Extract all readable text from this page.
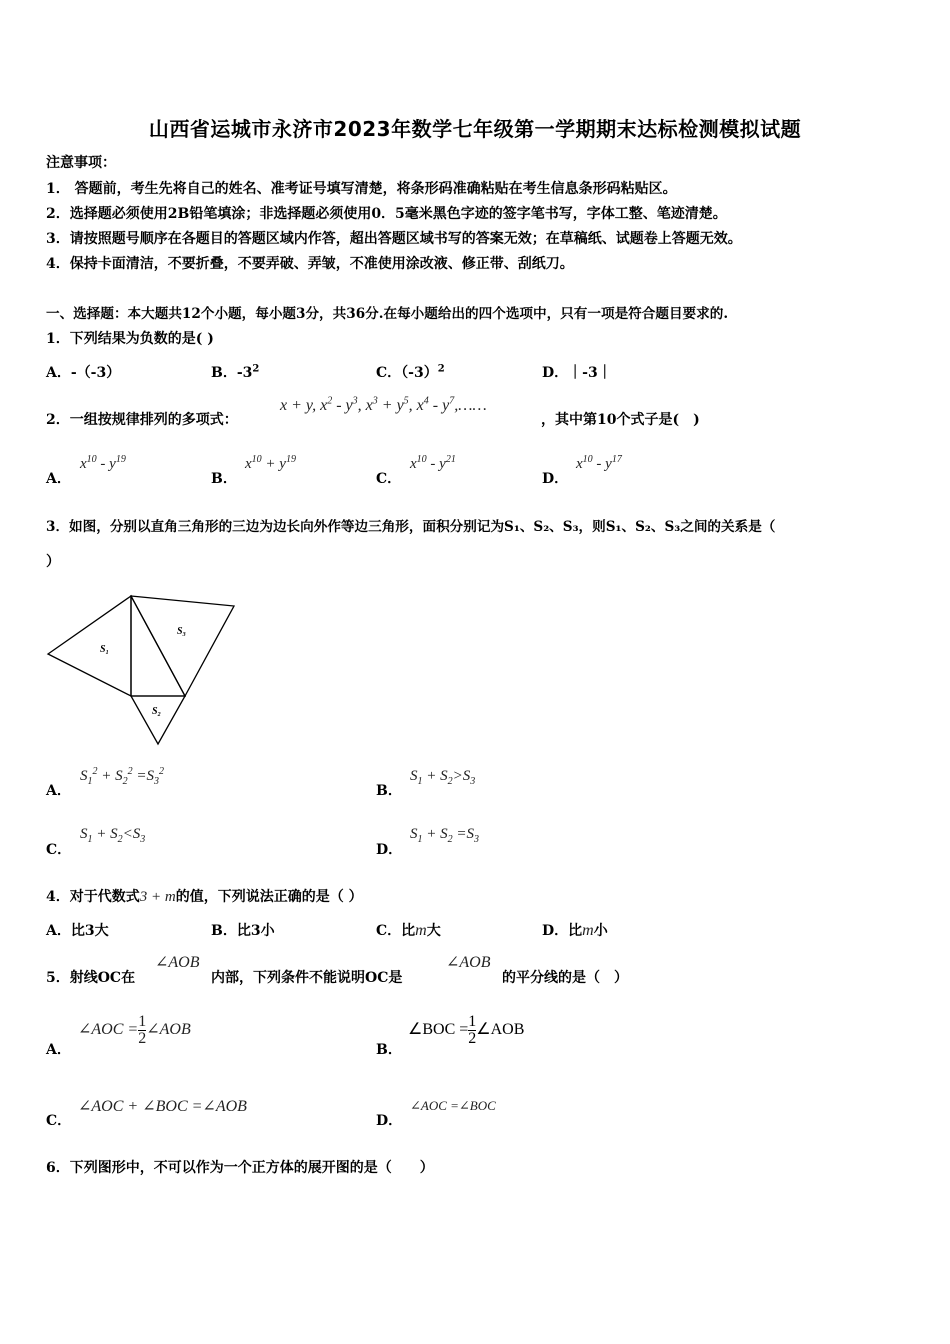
山西省运城市永济市2023年数学七年级第一学期期末达标检测模拟试题
注意事项：
1． 答题前，考生先将自己的姓名、准考证号填写清楚，将条形码准确粘贴在考生信息条形码粘贴区。
2．选择题必须使用2B铅笔填涂；非选择题必须使用0．5毫米黑色字迹的签字笔书写，字体工整、笔迹清楚。
3．请按照题号顺序在各题目的答题区域内作答，超出答题区域书写的答案无效；在草稿纸、试题卷上答题无效。
4．保持卡面清洁，不要折叠，不要弄破、弄皱，不准使用涂改液、修正带、刮纸刀。
一、选择题：本大题共12个小题，每小题3分，共36分.在每小题给出的四个选项中，只有一项是符合题目要求的.
1．下列结果为负数的是( )
A．-（-3）	B．$-3^2$	C．$(-3)^2$	D．｜-3｜
2．一组按规律排列的多项式：
x + y, $x^2 - y^3$, $x^3 + y^5$, $x^4$ - $y^7,\dots\dots$
，其中第10个式子是(　)
A．
$x^{10} - y^{19}$
B．
$x^{10} + y^{19}$
C．
$x^{10} - y^{21}$
D．
$x^{10} - y^{17}$
3．如图，分别以直角三角形的三边为边长向外作等边三角形，面积分别记为S₁、S₂、S₃，则S₁、S₂、S₃之间的关系是（
）
$S_1$
$S_2$
$S_3$
A．
$S_1^2 + S_2^2 =S_3^2$
B．
$S_1 + S_2>S_3$
C．
$S_1 + S_2<S_3$
D．
$S_1 + S_2 =S_3$
4．对于代数式3 + m的值，下列说法正确的是（ ）
A．比3大	B．比3小	C．比m大	D．比m小
5．射线OC在
∠AOB
内部，下列条件不能说明OC是
∠AOB
的平分线的是（　）
A．
∠AOC = $\frac{1}{2}$ ∠AOB
B．
∠BOC = $\frac{1}{2}$ ∠AOB
C．
∠AOC + ∠BOC =∠AOB
D．
∠AOC =∠BOC
6．下列图形中，不可以作为一个正方体的展开图的是（　　）
